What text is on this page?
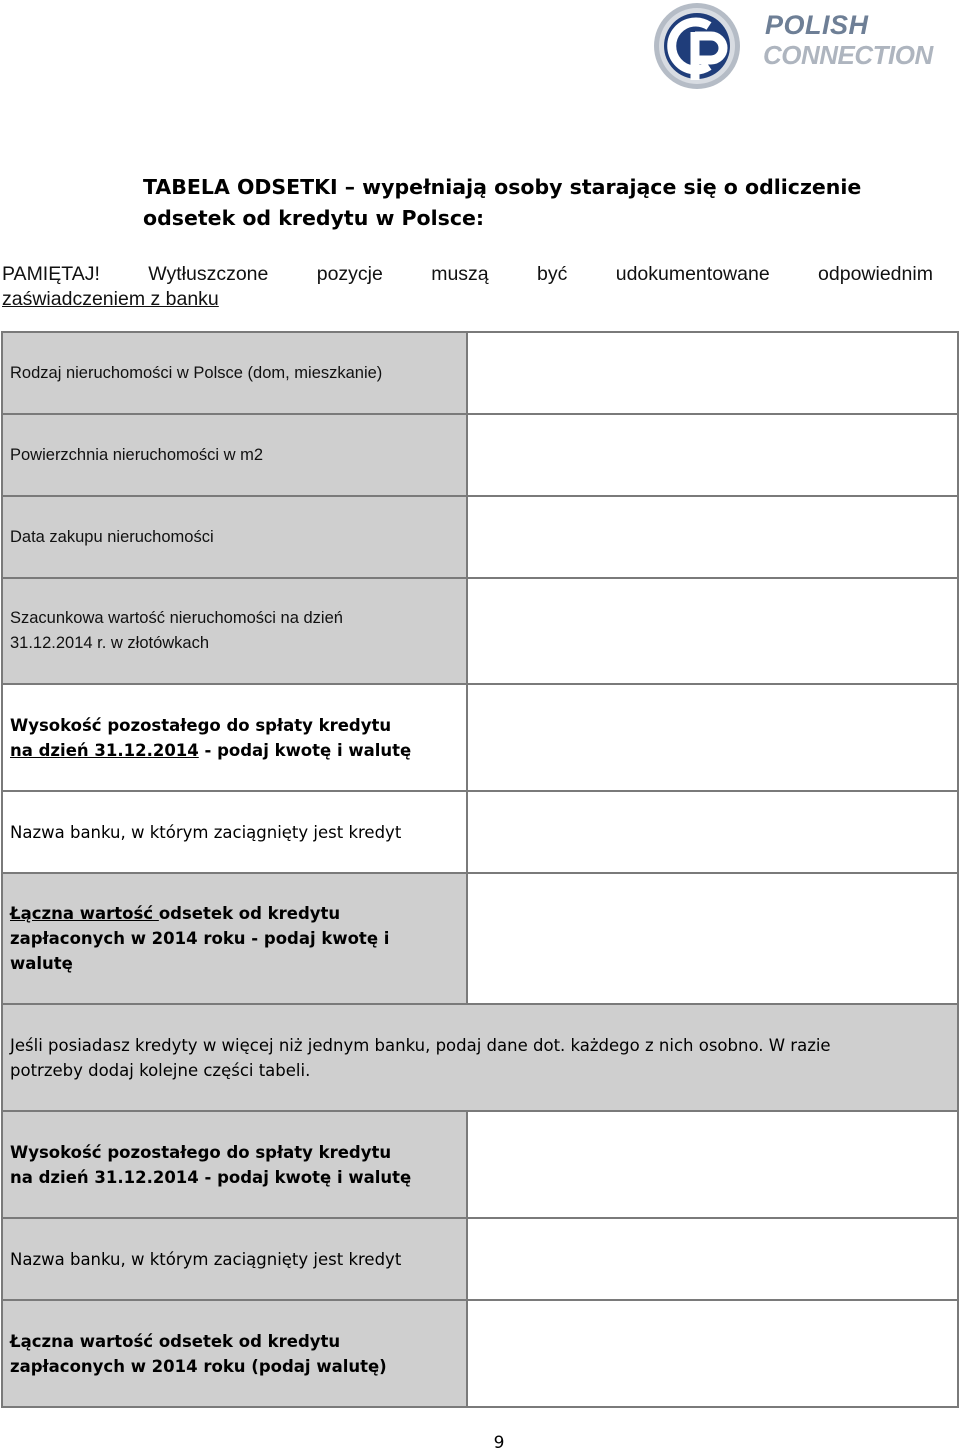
POLISH
CONNECTION
TABELA ODSETKI – wypełniają osoby starające się o odliczenie
odsetek od kredytu w Polsce:
PAMIĘTAJ! Wytłuszczone pozycje muszą być udokumentowane odpowiednim
zaświadczeniem z banku
Rodzaj nieruchomości w Polsce (dom, mieszkanie)	
Powierzchnia nieruchomości w m2	
Data zakupu nieruchomości	

Szacunkowa wartość nieruchomości na dzień
31.12.2014 r. w złotówkach	

Wysokość pozostałego do spłaty kredytu
na dzień 31.12.2014 - podaj kwotę i walutę	

Nazwa banku, w którym zaciągnięty jest kredyt	

Łączna wartość odsetek od kredytu
zapłaconych w 2014 roku - podaj kwotę i
walutę	

Jeśli posiadasz kredyty w więcej niż jednym banku, podaj dane dot. każdego z nich osobno. W razie
potrzeby dodaj kolejne części tabeli.	

Wysokość pozostałego do spłaty kredytu
na dzień 31.12.2014 - podaj kwotę i walutę	

Nazwa banku, w którym zaciągnięty jest kredyt	

Łączna wartość odsetek od kredytu
zapłaconych w 2014 roku (podaj walutę)	

9
